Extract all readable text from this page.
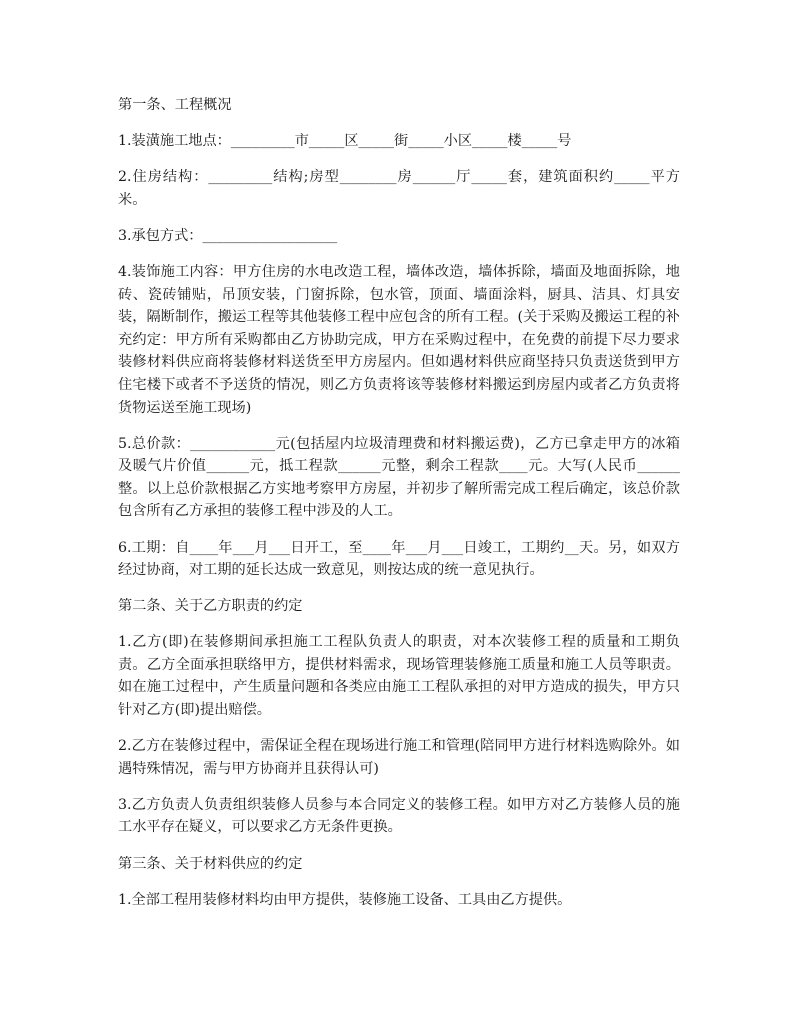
第一条、工程概况

1.装潢施工地点：_________市_____区_____街_____小区_____楼_____号

2.住房结构：_________结构;房型________房______厅_____套，建筑面积约_____平方米。

3.承包方式：___________________

4.装饰施工内容：甲方住房的水电改造工程，墙体改造，墙体拆除，墙面及地面拆除，地砖、瓷砖铺贴，吊顶安装，门窗拆除，包水管，顶面、墙面涂料，厨具、洁具、灯具安装，隔断制作，搬运工程等其他装修工程中应包含的所有工程。(关于采购及搬运工程的补充约定：甲方所有采购都由乙方协助完成，甲方在采购过程中，在免费的前提下尽力要求装修材料供应商将装修材料送货至甲方房屋内。但如遇材料供应商坚持只负责送货到甲方住宅楼下或者不予送货的情况，则乙方负责将该等装修材料搬运到房屋内或者乙方负责将货物运送至施工现场)

5.总价款：____________元(包括屋内垃圾清理费和材料搬运费)，乙方已拿走甲方的冰箱及暖气片价值______元，抵工程款______元整，剩余工程款____元。大写(人民币______整。以上总价款根据乙方实地考察甲方房屋，并初步了解所需完成工程后确定，该总价款包含所有乙方承担的装修工程中涉及的人工。

6.工期：自____年___月___日开工，至____年___月___日竣工，工期约__天。另，如双方经过协商，对工期的延长达成一致意见，则按达成的统一意见执行。

第二条、关于乙方职责的约定

1.乙方(即)在装修期间承担施工工程队负责人的职责，对本次装修工程的质量和工期负责。乙方全面承担联络甲方，提供材料需求，现场管理装修施工质量和施工人员等职责。如在施工过程中，产生质量问题和各类应由施工工程队承担的对甲方造成的损失，甲方只针对乙方(即)提出赔偿。

2.乙方在装修过程中，需保证全程在现场进行施工和管理(陪同甲方进行材料选购除外。如遇特殊情况，需与甲方协商并且获得认可)

3.乙方负责人负责组织装修人员参与本合同定义的装修工程。如甲方对乙方装修人员的施工水平存在疑义，可以要求乙方无条件更换。

第三条、关于材料供应的约定

1.全部工程用装修材料均由甲方提供，装修施工设备、工具由乙方提供。
